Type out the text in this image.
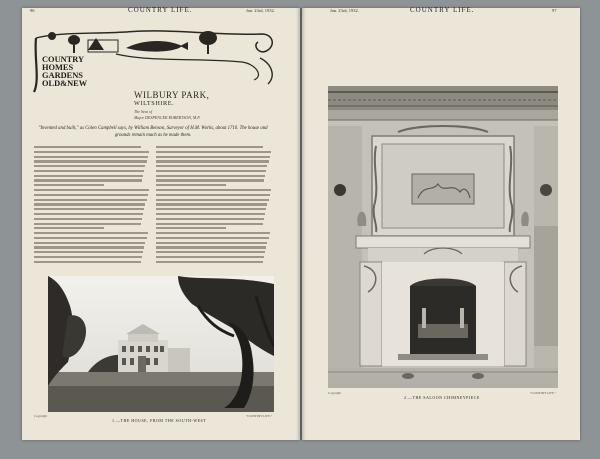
96	COUNTRY LIFE.	Jan. 23rd, 1932.
COUNTRY
HOMES
GARDENS
OLD&NEW
WILBURY PARK,
WILTSHIRE.
The Seat of
Major DESPENCER ROBERTSON, M.P.
"Invented and built," as Colen Campbell says, by William Benson, Surveyor of H.M. Works, about 1710. The house and grounds remain much as he made them.
Copyright
1.—THE HOUSE, FROM THE SOUTH-WEST
"COUNTRY LIFE."
Jan. 23rd, 1932.	COUNTRY LIFE.	97
Copyright
2.—THE SALOON CHIMNEYPIECE
"COUNTRY LIFE."
